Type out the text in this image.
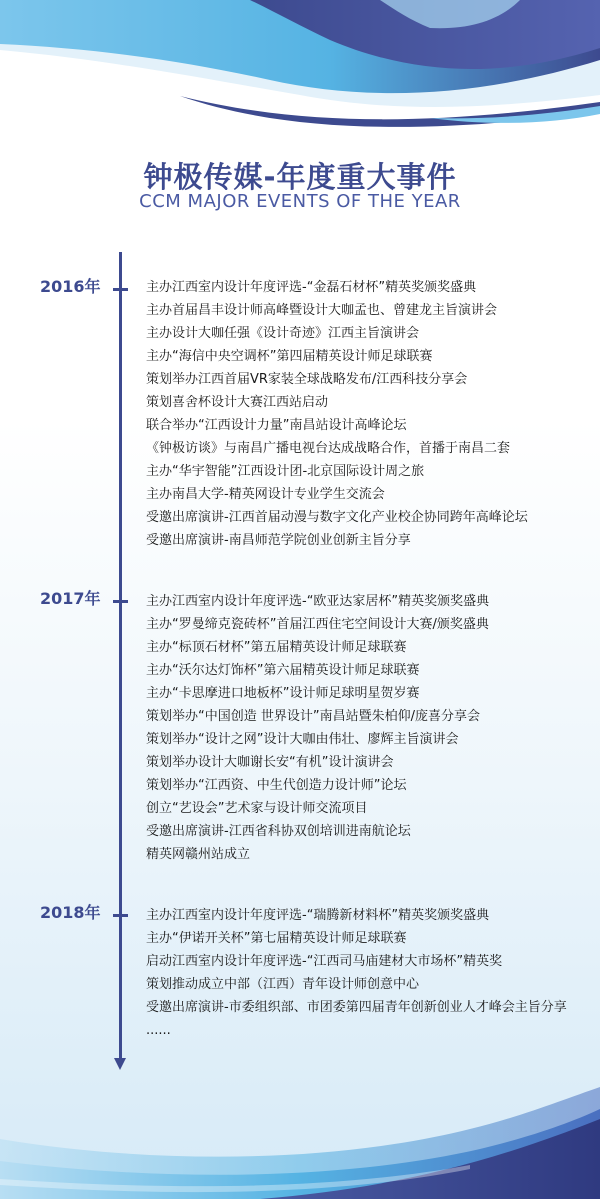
钟极传媒-年度重大事件
CCM MAJOR EVENTS OF THE YEAR
2016年	主办江西室内设计年度评选-“金磊石材杯”精英奖颁奖盛典
主办首届昌丰设计师高峰暨设计大咖孟也、曾建龙主旨演讲会
主办设计大咖任强《设计奇迹》江西主旨演讲会
主办“海信中央空调杯”第四届精英设计师足球联赛
策划举办江西首届VR家装全球战略发布/江西科技分享会
策划喜舍杯设计大赛江西站启动
联合举办“江西设计力量”南昌站设计高峰论坛
《钟极访谈》与南昌广播电视台达成战略合作，首播于南昌二套
主办“华宇智能”江西设计团-北京国际设计周之旅
主办南昌大学-精英网设计专业学生交流会
受邀出席演讲-江西首届动漫与数字文化产业校企协同跨年高峰论坛
受邀出席演讲-南昌师范学院创业创新主旨分享
2017年	主办江西室内设计年度评选-“欧亚达家居杯”精英奖颁奖盛典
主办“罗曼缔克瓷砖杯”首届江西住宅空间设计大赛/颁奖盛典
主办“标顶石材杯”第五届精英设计师足球联赛
主办“沃尔达灯饰杯”第六届精英设计师足球联赛
主办“卡思摩进口地板杯”设计师足球明星贺岁赛
策划举办“中国创造 世界设计”南昌站暨朱柏仰/庞喜分享会
策划举办“设计之网”设计大咖由伟壮、廖辉主旨演讲会
策划举办设计大咖谢长安“有机”设计演讲会
策划举办“江西资、中生代创造力设计师”论坛
创立“艺设会”艺术家与设计师交流项目
受邀出席演讲-江西省科协双创培训进南航论坛
精英网赣州站成立
2018年	主办江西室内设计年度评选-“瑞腾新材料杯”精英奖颁奖盛典
主办“伊诺开关杯”第七届精英设计师足球联赛
启动江西室内设计年度评选-“江西司马庙建材大市场杯”精英奖
策划推动成立中部（江西）青年设计师创意中心
受邀出席演讲-市委组织部、市团委第四届青年创新创业人才峰会主旨分享
......
